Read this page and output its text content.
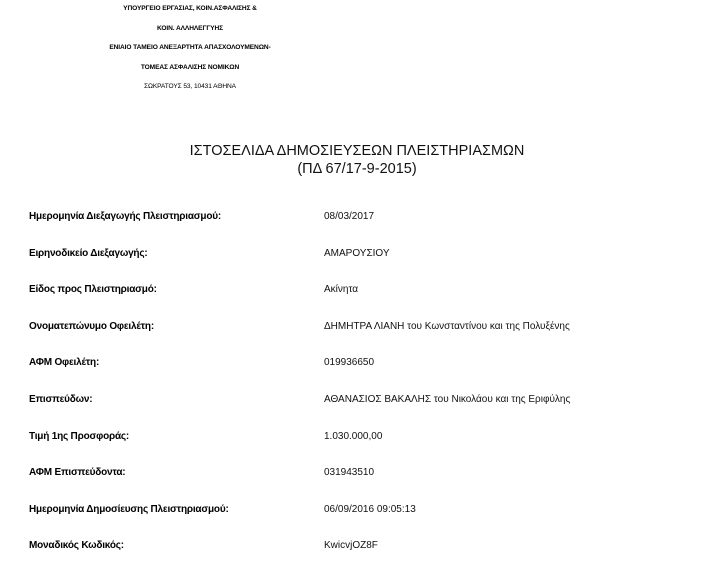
ΥΠΟΥΡΓΕΙΟ ΕΡΓΑΣΙΑΣ, ΚΟΙΝ.ΑΣΦΑΛΙΣΗΣ &
ΚΟΙΝ. ΑΛΛΗΛΕΓΓΥΗΣ
ΕΝΙΑΙΟ ΤΑΜΕΙΟ ΑΝΕΞΑΡΤΗΤΑ ΑΠΑΣΧΟΛΟΥΜΕΝΩΝ-
ΤΟΜΕΑΣ ΑΣΦΑΛΙΣΗΣ ΝΟΜΙΚΩΝ
ΣΩΚΡΑΤΟΥΣ 53, 10431 ΑΘΗΝΑ
ΙΣΤΟΣΕΛΙΔΑ ΔΗΜΟΣΙΕΥΣΕΩΝ ΠΛΕΙΣΤΗΡΙΑΣΜΩΝ
(ΠΔ 67/17-9-2015)
Ημερομηνία Διεξαγωγής Πλειστηριασμού:	08/03/2017
Ειρηνοδικείο Διεξαγωγής:	ΑΜΑΡΟΥΣΙΟΥ
Είδος προς Πλειστηριασμό:	Ακίνητα
Ονοματεπώνυμο Οφειλέτη:	ΔΗΜΗΤΡΑ ΛΙΑΝΗ του Κωνσταντίνου και της Πολυξένης
ΑΦΜ Οφειλέτη:	019936650
Επισπεύδων:	ΑΘΑΝΑΣΙΟΣ ΒΑΚΑΛΗΣ του Νικολάου και της Εριφύλης
Τιμή 1ης Προσφοράς:	1.030.000,00
ΑΦΜ Επισπεύδοντα:	031943510
Ημερομηνία Δημοσίευσης Πλειστηριασμού:	06/09/2016 09:05:13
Μοναδικός Κωδικός:	KwicvjOZ8F
